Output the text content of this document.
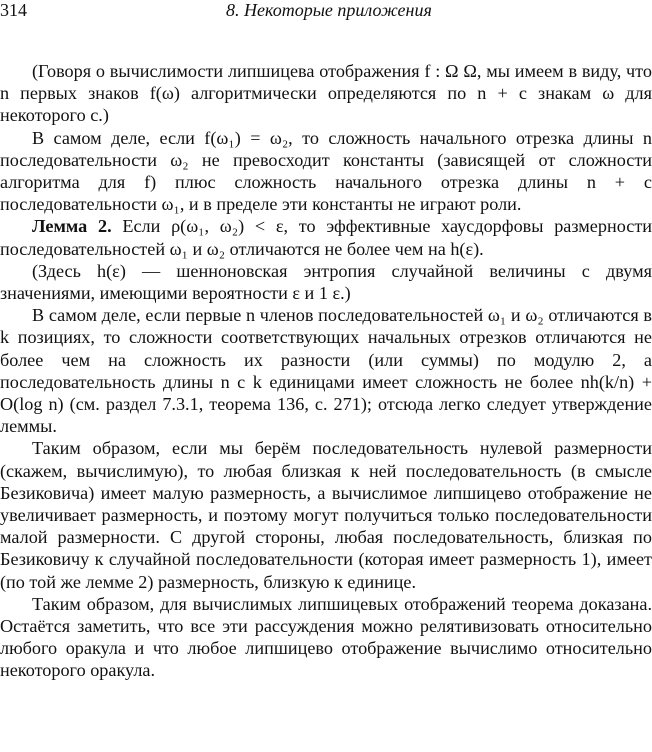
314	8. Некоторые приложения

(Говоря о вычислимости липшицева отображения f : Ω Ω, мы имеем в виду, что n первых знаков f(ω) алгоритмически определяются по n + c знакам ω для некоторого c.)

В самом деле, если f(ω₁) = ω₂, то сложность начального отрезка длины n последовательности ω₂ не превосходит константы (зависящей от сложности алгоритма для f) плюс сложность начального отрезка длины n + c последовательности ω₁, и в пределе эти константы не играют роли.

Лемма 2. Если ρ(ω₁, ω₂) < ε, то эффективные хаусдорфовы размерности последовательностей ω₁ и ω₂ отличаются не более чем на h(ε).

(Здесь h(ε) — шенноновская энтропия случайной величины с двумя значениями, имеющими вероятности ε и 1 ε.)

В самом деле, если первые n членов последовательностей ω₁ и ω₂ отличаются в k позициях, то сложности соответствующих начальных отрезков отличаются не более чем на сложность их разности (или суммы) по модулю 2, а последовательность длины n с k единицами имеет сложность не более nh(k/n) + O(log n) (см. раздел 7.3.1, теорема 136, с. 271); отсюда легко следует утверждение леммы.

Таким образом, если мы берём последовательность нулевой размерности (скажем, вычислимую), то любая близкая к ней последовательность (в смысле Безиковича) имеет малую размерность, а вычислимое липшицево отображение не увеличивает размерность, и поэтому могут получиться только последовательности малой размерности. С другой стороны, любая последовательность, близкая по Безиковичу к случайной последовательности (которая имеет размерность 1), имеет (по той же лемме 2) размерность, близкую к единице.

Таким образом, для вычислимых липшицевых отображений теорема доказана. Остаётся заметить, что все эти рассуждения можно релятивизовать относительно любого оракула и что любое липшицево отображение вычислимо относительно некоторого оракула.
